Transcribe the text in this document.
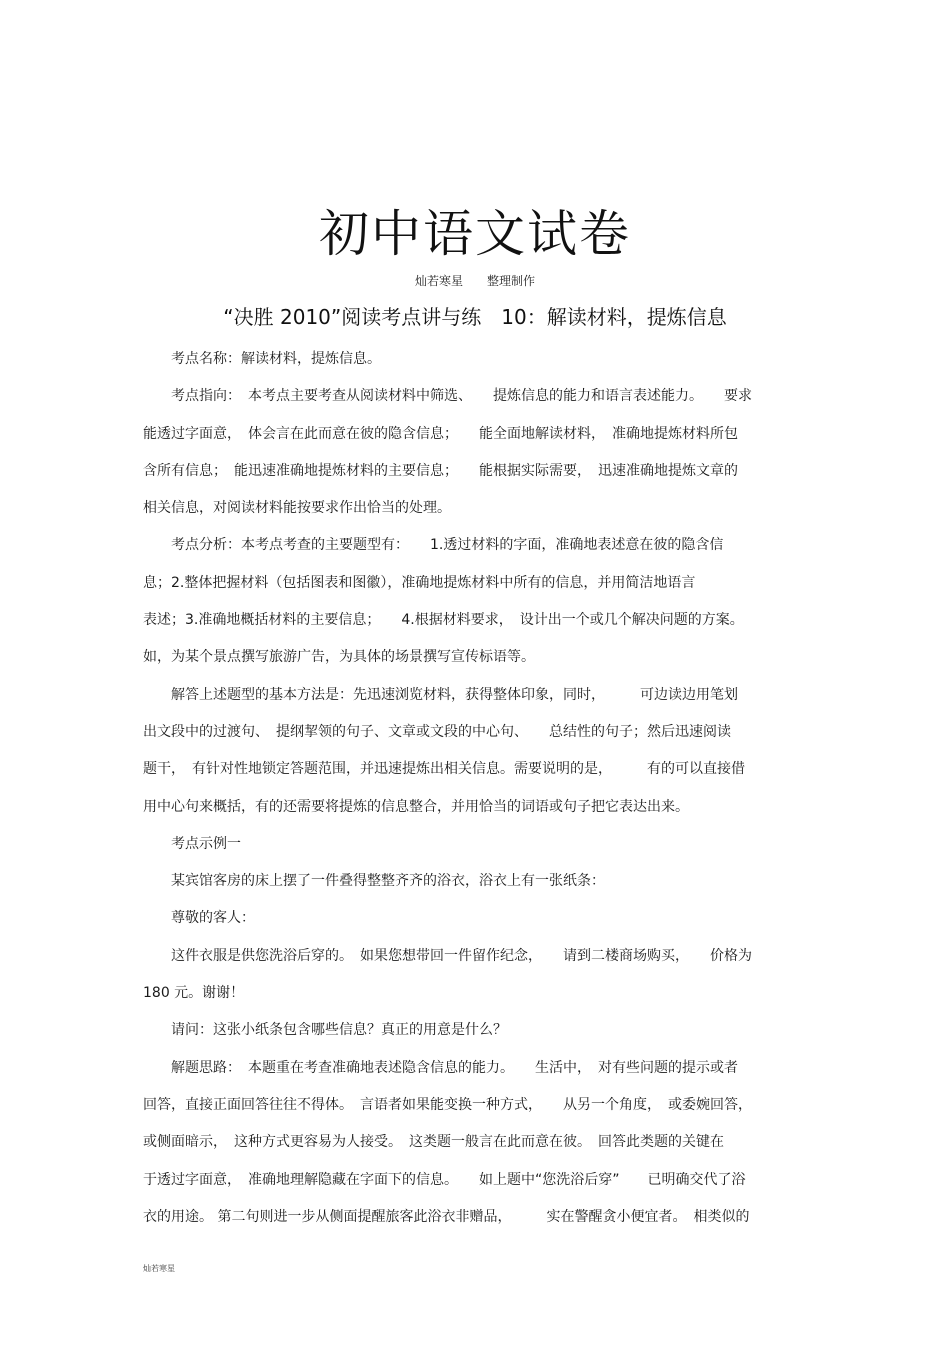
初中语文试卷
灿若寒星　　整理制作
“决胜 2010”阅读考点讲与练　10：解读材料，提炼信息
　　考点名称：解读材料，提炼信息。
　　考点指向：　本考点主要考查从阅读材料中筛选、　　提炼信息的能力和语言表述能力。　　要求
能透过字面意，　体会言在此而意在彼的隐含信息；　　能全面地解读材料，　准确地提炼材料所包
含所有信息；　能迅速准确地提炼材料的主要信息；　　能根据实际需要，　迅速准确地提炼文章的
相关信息，对阅读材料能按要求作出恰当的处理。
　　考点分析：本考点考查的主要题型有：　　1.透过材料的字面，准确地表述意在彼的隐含信
息；2.整体把握材料（包括图表和图徽），准确地提炼材料中所有的信息，并用简洁地语言
表述；3.准确地概括材料的主要信息；　　4.根据材料要求，　设计出一个或几个解决问题的方案。
如，为某个景点撰写旅游广告，为具体的场景撰写宣传标语等。
　　解答上述题型的基本方法是：先迅速浏览材料，获得整体印象，同时，　　　可边读边用笔划
出文段中的过渡句、　提纲挈领的句子、文章或文段的中心句、　　总结性的句子；然后迅速阅读
题干，　有针对性地锁定答题范围，并迅速提炼出相关信息。需要说明的是，　　　有的可以直接借
用中心句来概括，有的还需要将提炼的信息整合，并用恰当的词语或句子把它表达出来。
　　考点示例一
　　某宾馆客房的床上摆了一件叠得整整齐齐的浴衣，浴衣上有一张纸条：
　　尊敬的客人：
　　这件衣服是供您洗浴后穿的。　如果您想带回一件留作纪念，　　请到二楼商场购买，　　价格为
180 元。谢谢！
　　请问：这张小纸条包含哪些信息？真正的用意是什么？
　　解题思路：　本题重在考查准确地表述隐含信息的能力。　　生活中，　对有些问题的提示或者
回答，直接正面回答往往不得体。　言语者如果能变换一种方式，　　从另一个角度，　或委婉回答，
或侧面暗示，　这种方式更容易为人接受。　这类题一般言在此而意在彼。　回答此类题的关键在
于透过字面意，　准确地理解隐藏在字面下的信息。　　如上题中“您洗浴后穿”　　已明确交代了浴
衣的用途。 第二句则进一步从侧面提醒旅客此浴衣非赠品，　　　实在警醒贪小便宜者。　相类似的
灿若寒星
